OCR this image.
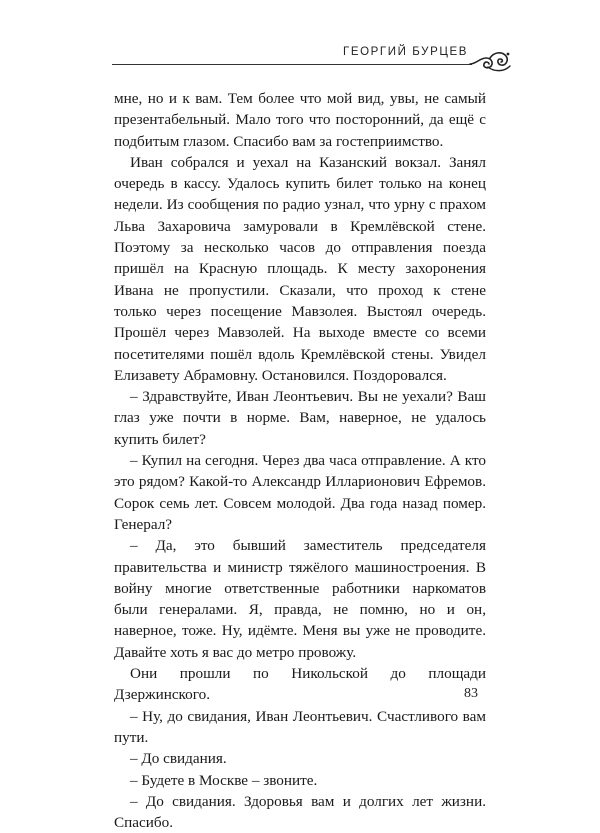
ГЕОРГИЙ БУРЦЕВ

мне, но и к вам. Тем более что мой вид, увы, не самый презентабельный. Мало того что посторонний, да ещё с подбитым глазом. Спасибо вам за гостеприимство.

Иван собрался и уехал на Казанский вокзал. Занял очередь в кассу. Удалось купить билет только на конец недели. Из сообщения по радио узнал, что урну с прахом Льва Захаровича замуровали в Кремлёвской стене. Поэтому за несколько часов до отправления поезда пришёл на Красную площадь. К месту захоронения Ивана не пропустили. Сказали, что проход к стене только через посещение Мавзолея. Выстоял очередь. Прошёл через Мавзолей. На выходе вместе со всеми посетителями пошёл вдоль Кремлёвской стены. Увидел Елизавету Абрамовну. Остановился. Поздоровался.

– Здравствуйте, Иван Леонтьевич. Вы не уехали? Ваш глаз уже почти в норме. Вам, наверное, не удалось купить билет?

– Купил на сегодня. Через два часа отправление. А кто это рядом? Какой-то Александр Илларионович Ефремов. Сорок семь лет. Совсем молодой. Два года назад помер. Генерал?

– Да, это бывший заместитель председателя правительства и министр тяжёлого машиностроения. В войну многие ответственные работники наркоматов были генералами. Я, правда, не помню, но и он, наверное, тоже. Ну, идёмте. Меня вы уже не проводите. Давайте хоть я вас до метро провожу.

Они прошли по Никольской до площади Дзержинского.

– Ну, до свидания, Иван Леонтьевич. Счастливого вам пути.

– До свидания.

– Будете в Москве – звоните.

– До свидания. Здоровья вам и долгих лет жизни. Спасибо.

83
